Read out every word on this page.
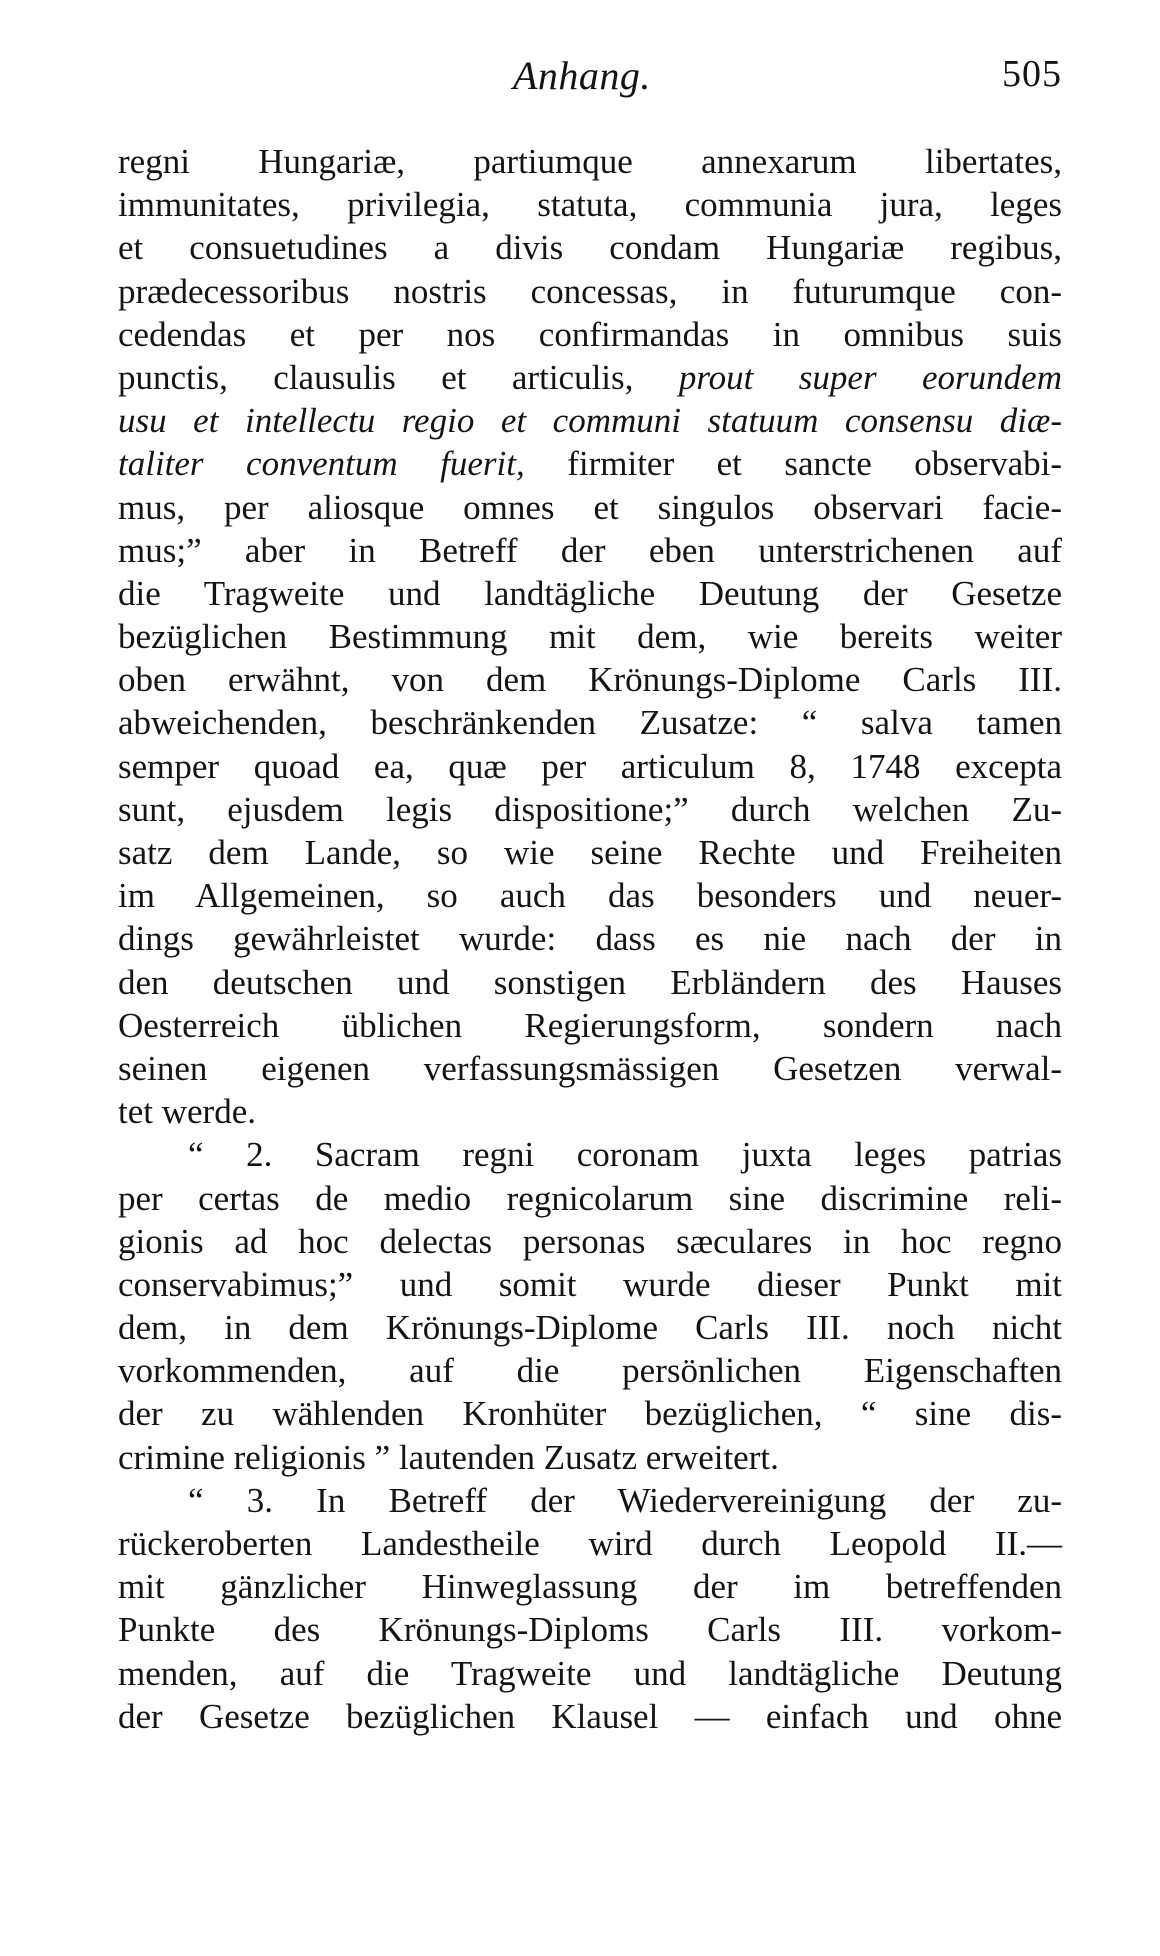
Anhang.	505
regni Hungariæ, partiumque annexarum libertates,
immunitates, privilegia, statuta, communia jura, leges
et consuetudines a divis condam Hungariæ regibus,
prædecessoribus nostris concessas, in futurumque con-
cedendas et per nos confirmandas in omnibus suis
punctis, clausulis et articulis, prout super eorundem
usu et intellectu regio et communi statuum consensu diæ-
taliter conventum fuerit, firmiter et sancte observabi-
mus, per aliosque omnes et singulos observari facie-
mus;” aber in Betreff der eben unterstrichenen auf
die Tragweite und landtägliche Deutung der Gesetze
bezüglichen Bestimmung mit dem, wie bereits weiter
oben erwähnt, von dem Krönungs-Diplome Carls III.
abweichenden, beschränkenden Zusatze: “ salva tamen
semper quoad ea, quæ per articulum 8, 1748 excepta
sunt, ejusdem legis dispositione;” durch welchen Zu-
satz dem Lande, so wie seine Rechte und Freiheiten
im Allgemeinen, so auch das besonders und neuer-
dings gewährleistet wurde: dass es nie nach der in
den deutschen und sonstigen Erbländern des Hauses
Oesterreich üblichen Regierungsform, sondern nach
seinen eigenen verfassungsmässigen Gesetzen verwal-
tet werde.
“ 2. Sacram regni coronam juxta leges patrias
per certas de medio regnicolarum sine discrimine reli-
gionis ad hoc delectas personas sæculares in hoc regno
conservabimus;” und somit wurde dieser Punkt mit
dem, in dem Krönungs-Diplome Carls III. noch nicht
vorkommenden, auf die persönlichen Eigenschaften
der zu wählenden Kronhüter bezüglichen, “ sine dis-
crimine religionis ” lautenden Zusatz erweitert.
“ 3. In Betreff der Wiedervereinigung der zu-
rückeroberten Landestheile wird durch Leopold II.—
mit gänzlicher Hinweglassung der im betreffenden
Punkte des Krönungs-Diploms Carls III. vorkom-
menden, auf die Tragweite und landtägliche Deutung
der Gesetze bezüglichen Klausel — einfach und ohne
